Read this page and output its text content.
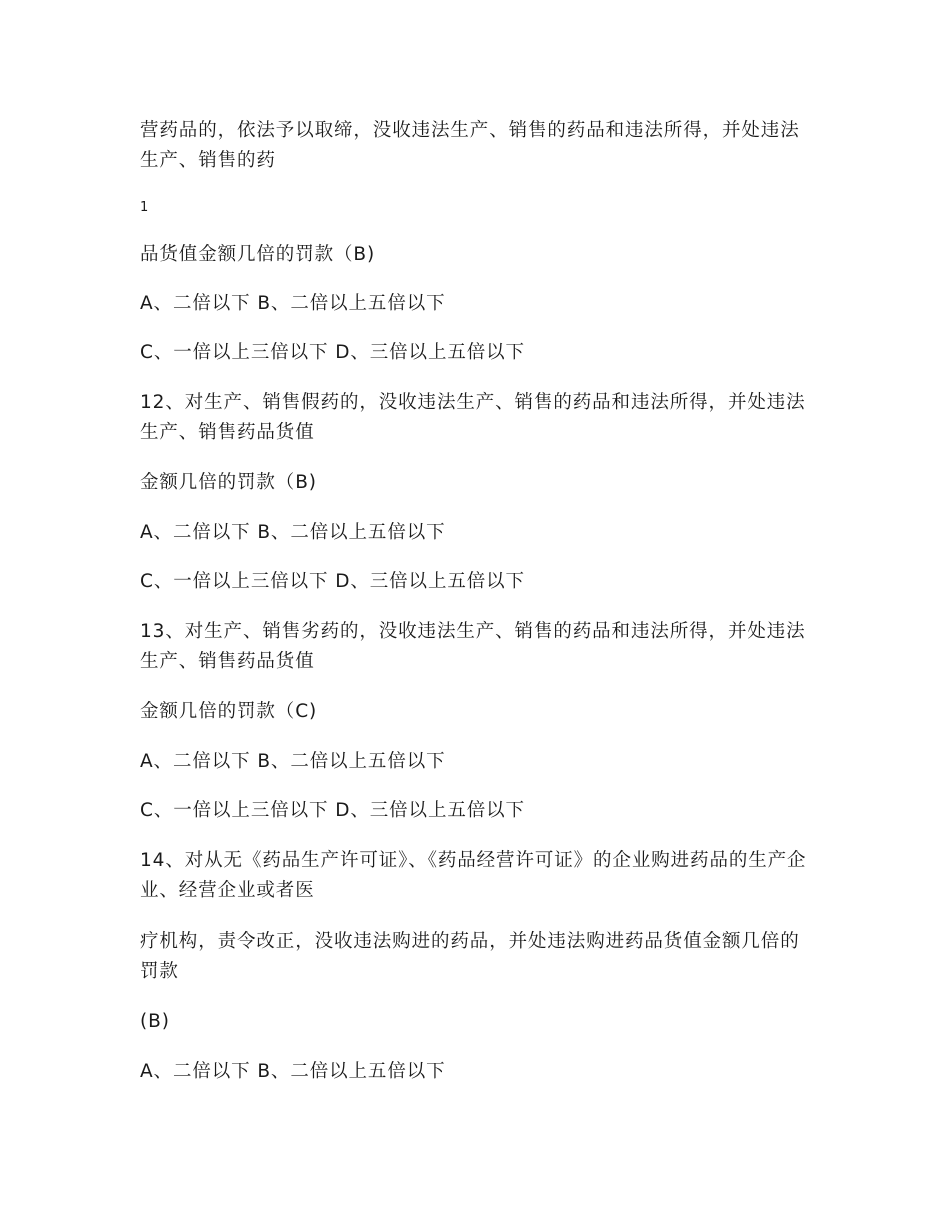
营药品的，依法予以取缔，没收违法生产、销售的药品和违法所得，并处违法生产、销售的药

1

品货值金额几倍的罚款（B)

A、二倍以下 B、二倍以上五倍以下

C、一倍以上三倍以下 D、三倍以上五倍以下

12、对生产、销售假药的，没收违法生产、销售的药品和违法所得，并处违法生产、销售药品货值

金额几倍的罚款（B)

A、二倍以下 B、二倍以上五倍以下

C、一倍以上三倍以下 D、三倍以上五倍以下

13、对生产、销售劣药的，没收违法生产、销售的药品和违法所得，并处违法生产、销售药品货值

金额几倍的罚款（C)

A、二倍以下 B、二倍以上五倍以下

C、一倍以上三倍以下 D、三倍以上五倍以下

14、对从无《药品生产许可证》、《药品经营许可证》的企业购进药品的生产企业、经营企业或者医

疗机构，责令改正，没收违法购进的药品，并处违法购进药品货值金额几倍的罚款

(B)

A、二倍以下 B、二倍以上五倍以下
